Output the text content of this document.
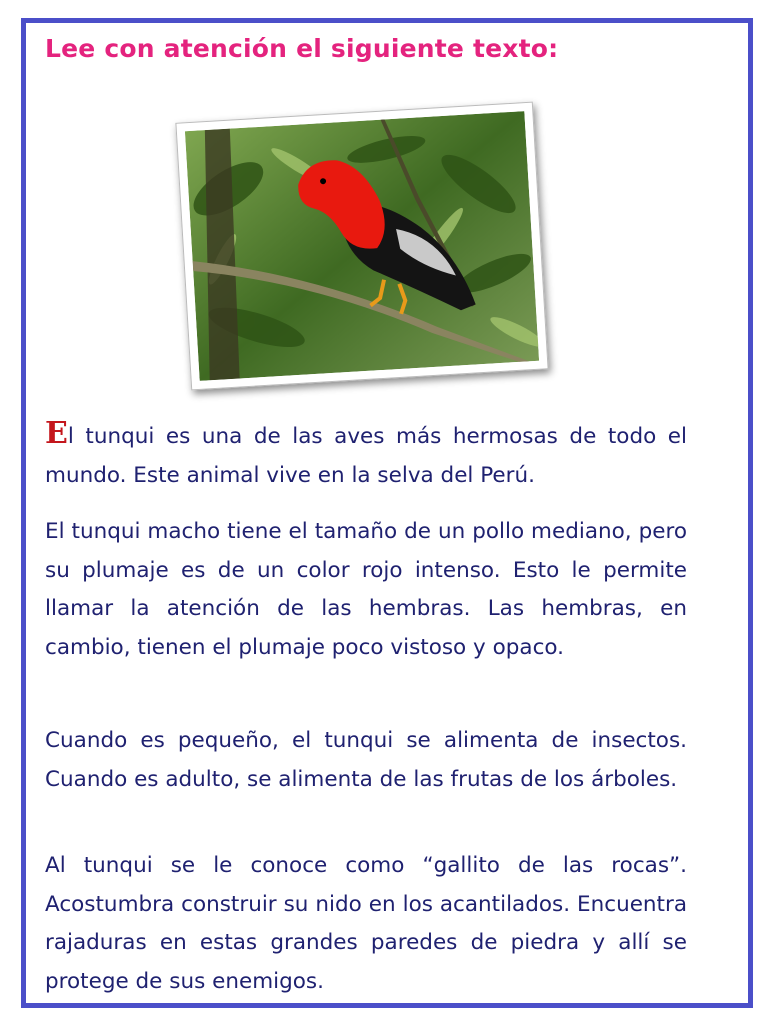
Lee con atención el siguiente texto:

El tunqui es una de las aves más hermosas de todo el mundo. Este animal vive en la selva del Perú.

El tunqui macho tiene el tamaño de un pollo mediano, pero su plumaje es de un color rojo intenso. Esto le permite llamar la atención de las hembras. Las hembras, en cambio, tienen el plumaje poco vistoso y opaco.

Cuando es pequeño, el tunqui se alimenta de insectos. Cuando es adulto, se alimenta de las frutas de los árboles.

Al tunqui se le conoce como “gallito de las rocas”. Acostumbra construir su nido en los acantilados. Encuentra rajaduras en estas grandes paredes de piedra y allí se protege de sus enemigos.
